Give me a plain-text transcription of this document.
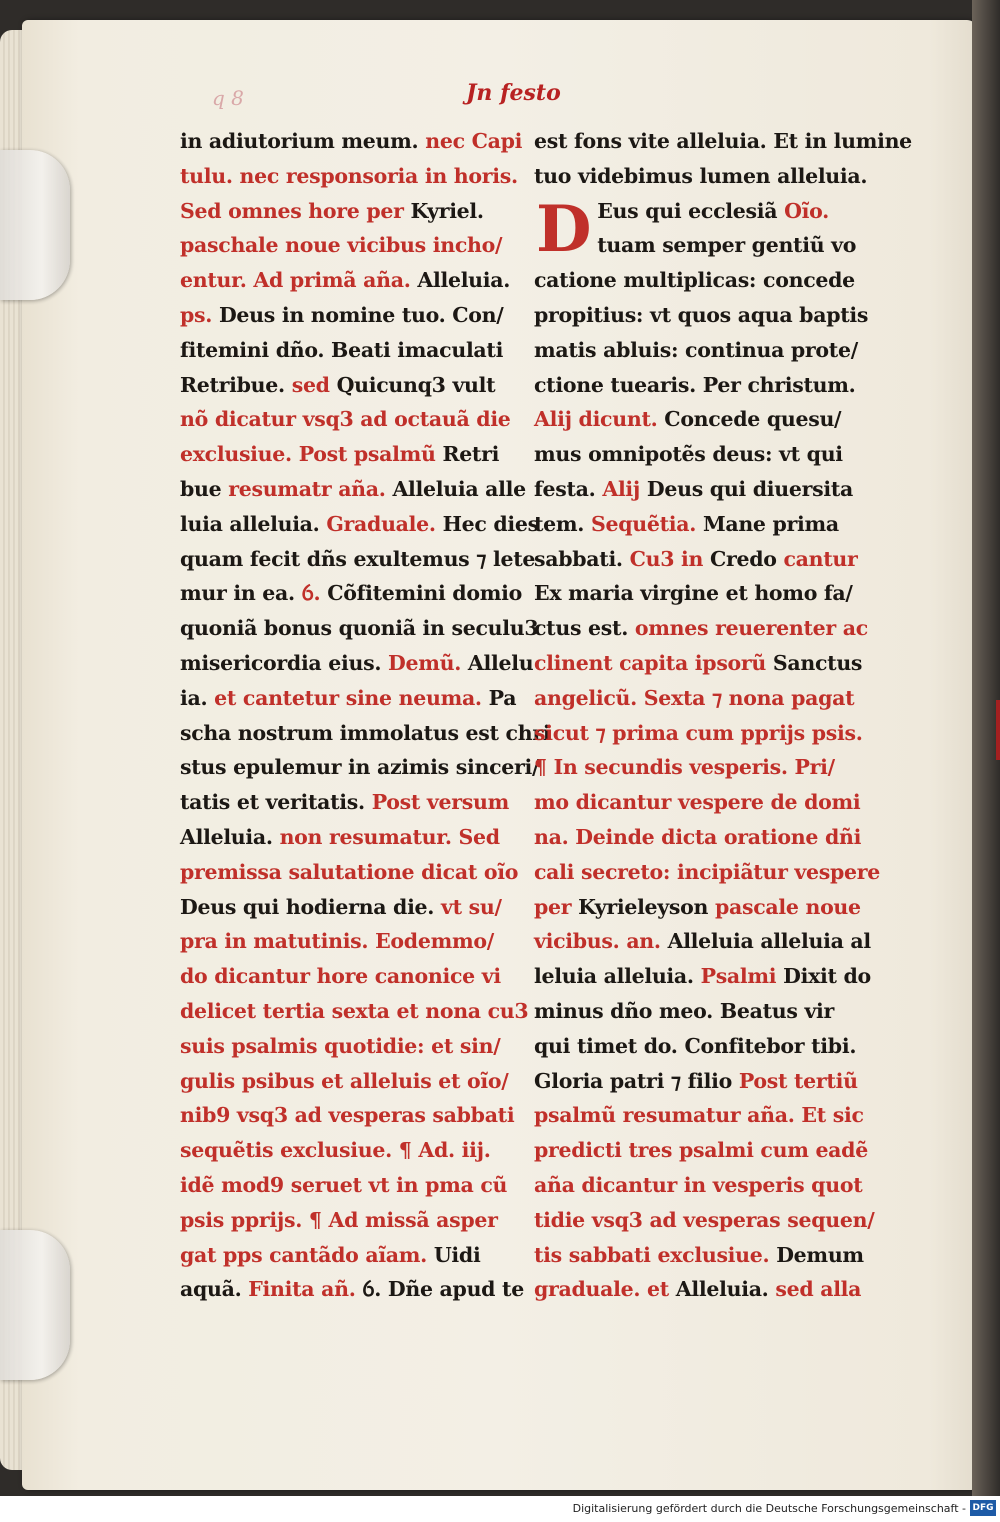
q 8	Jn festo
in adiutorium meum. nec Capi
tulu. nec responsoria in horis.
Sed omnes hore per Kyriel.
paschale noue vicibus incho/
entur. Ad primã aña. Alleluia.
ps. Deus in nomine tuo. Con/
fitemini dño. Beati imaculati
Retribue. sed Quicunq3 vult
nõ dicatur vsq3 ad octauã die
exclusiue. Post psalmũ Retri
bue resumatr aña. Alleluia alle
luia alleluia. Graduale. Hec dies
quam fecit dñs exultemus ⁊ lete
mur in ea. ỽ. Cõfitemini domio
quoniã bonus quoniã in seculu3
misericordia eius. Demũ. Allelu
ia. et cantetur sine neuma. Pa
scha nostrum immolatus est chri
stus epulemur in azimis sinceri/
tatis et veritatis. Post versum
Alleluia. non resumatur. Sed
premissa salutatione dicat oĩo
Deus qui hodierna die. vt su/
pra in matutinis. Eodemmo/
do dicantur hore canonice vi
delicet tertia sexta et nona cu3
suis psalmis quotidie: et sin/
gulis psibus et alleluis et oĩo/
nib9 vsq3 ad vesperas sabbati
sequẽtis exclusiue. ¶ Ad. iij.
idẽ mod9 seruet vt in pma cũ
psis pprijs. ¶ Ad missã asper
gat pps cantãdo aĩam. Uidi
aquã. Finita añ. ỽ. Dñe apud te
est fons vite alleluia. Et in lumine
tuo videbimus lumen alleluia.
D Eus qui ecclesiã Oĩo.
tuam semper gentiũ vo
catione multiplicas: concede
propitius: vt quos aqua baptis
matis abluis: continua prote/
ctione tuearis. Per christum.
Alij dicunt. Concede quesu/
mus omnipotẽs deus: vt qui
festa. Alij Deus qui diuersita
tem. Sequẽtia. Mane prima
sabbati. Cu3 in Credo cantur
Ex maria virgine et homo fa/
ctus est. omnes reuerenter ac
clinent capita ipsorũ Sanctus
angelicũ. Sexta ⁊ nona pagat
sicut ⁊ prima cum pprijs psis.
¶ In secundis vesperis. Pri/
mo dicantur vespere de domi
na. Deinde dicta oratione dñi
cali secreto: incipiãtur vespere
per Kyrieleyson pascale noue
vicibus. an. Alleluia alleluia al
leluia alleluia. Psalmi Dixit do
minus dño meo. Beatus vir
qui timet do. Confitebor tibi.
Gloria patri ⁊ filio Post tertiũ
psalmũ resumatur aña. Et sic
predicti tres psalmi cum eadẽ
aña dicantur in vesperis quot
tidie vsq3 ad vesperas sequen/
tis sabbati exclusiue. Demum
graduale. et Alleluia. sed alla
Digitalisierung gefördert durch die Deutsche Forschungsgemeinschaft - DFG
